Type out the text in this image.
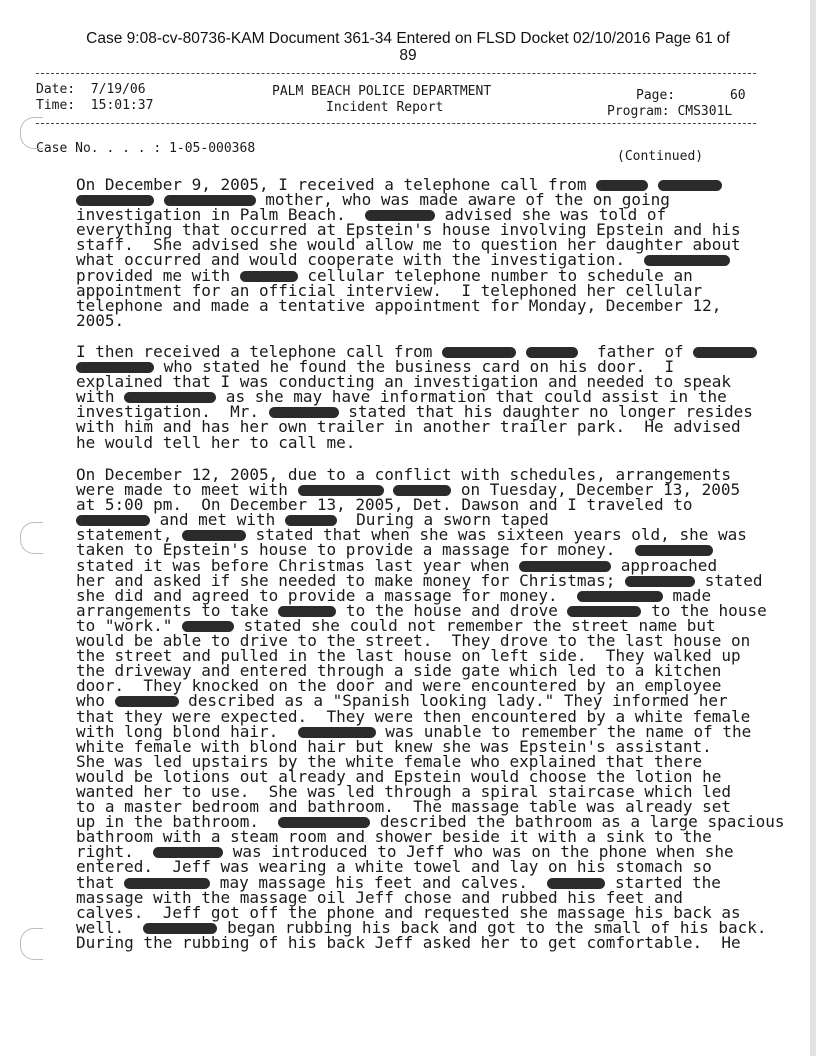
Case 9:08-cv-80736-KAM Document 361-34 Entered on FLSD Docket 02/10/2016 Page 61 of
89
Date: 7/19/06
Time: 15:01:37
PALM BEACH POLICE DEPARTMENT
Incident Report
Page:	60
Program: CMS301L
Case No. . . . : 1-05-000368
(Continued)
On December 9, 2005, I received a telephone call from
mother, who was made aware of the on going
investigation in Palm Beach.	advised she was told of
everything that occurred at Epstein's house involving Epstein and his
staff.  She advised she would allow me to question her daughter about
what occurred and would cooperate with the investigation.
provided me with	cellular telephone number to schedule an
appointment for an official interview.  I telephoned her cellular
telephone and made a tentative appointment for Monday, December 12,
2005.
I then received a telephone call from	father of
who stated he found the business card on his door.  I
explained that I was conducting an investigation and needed to speak
with	as she may have information that could assist in the
investigation.  Mr.	stated that his daughter no longer resides
with him and has her own trailer in another trailer park.  He advised
he would tell her to call me.
On December 12, 2005, due to a conflict with schedules, arrangements
were made to meet with	on Tuesday, December 13, 2005
at 5:00 pm.  On December 13, 2005, Det. Dawson and I traveled to
and met with	During a sworn taped
statement,	stated that when she was sixteen years old, she was
taken to Epstein's house to provide a massage for money.
stated it was before Christmas last year when	approached
her and asked if she needed to make money for Christmas;	stated
she did and agreed to provide a massage for money.	made
arrangements to take	to the house and drove	to the house
to "work."	stated she could not remember the street name but
would be able to drive to the street.  They drove to the last house on
the street and pulled in the last house on left side.  They walked up
the driveway and entered through a side gate which led to a kitchen
door.  They knocked on the door and were encountered by an employee
who	described as a "Spanish looking lady." They informed her
that they were expected.  They were then encountered by a white female
with long blond hair.	was unable to remember the name of the
white female with blond hair but knew she was Epstein's assistant.
She was led upstairs by the white female who explained that there
would be lotions out already and Epstein would choose the lotion he
wanted her to use.  She was led through a spiral staircase which led
to a master bedroom and bathroom.  The massage table was already set
up in the bathroom.	described the bathroom as a large spacious
bathroom with a steam room and shower beside it with a sink to the
right.	was introduced to Jeff who was on the phone when she
entered.  Jeff was wearing a white towel and lay on his stomach so
that	may massage his feet and calves.	started the
massage with the massage oil Jeff chose and rubbed his feet and
calves.  Jeff got off the phone and requested she massage his back as
well.	began rubbing his back and got to the small of his back.
During the rubbing of his back Jeff asked her to get comfortable.  He
